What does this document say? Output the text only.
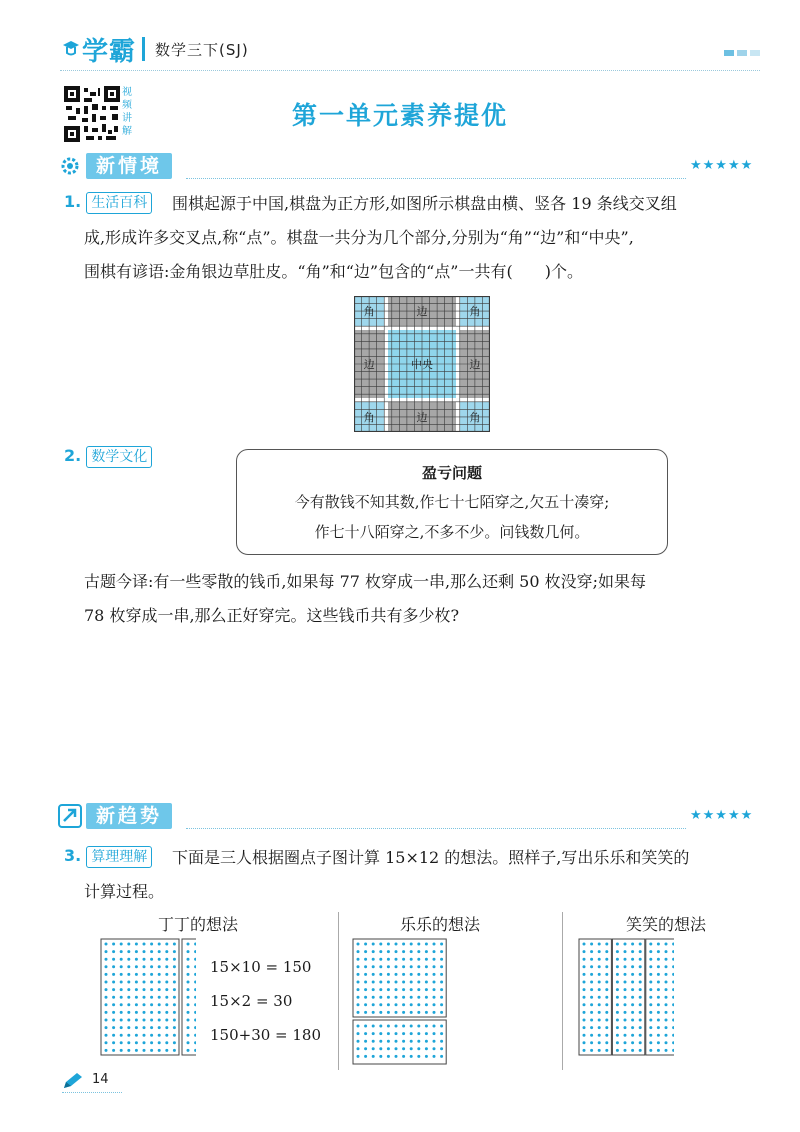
学霸 数学三下(SJ)
视频讲解
第一单元素养提优
新情境	★★★★★
1. 生活百科	围棋起源于中国,棋盘为正方形,如图所示棋盘由横、竖各 19 条线交叉组
成,形成许多交叉点,称“点”。棋盘一共分为几个部分,分别为“角”“边”和“中央”,
围棋有谚语:金角银边草肚皮。“角”和“边”包含的“点”一共有(　　)个。
角	角
角	角
边
边
边	边
中央
2. 数学文化
盈亏问题
今有散钱不知其数,作七十七陌穿之,欠五十凑穿;
作七十八陌穿之,不多不少。问钱数几何。
古题今译:有一些零散的钱币,如果每 77 枚穿成一串,那么还剩 50 枚没穿;如果每
78 枚穿成一串,那么正好穿完。这些钱币共有多少枚?
新趋势	★★★★★
3. 算理理解	下面是三人根据圈点子图计算 15×12 的想法。照样子,写出乐乐和笑笑的
计算过程。
丁丁的想法	乐乐的想法	笑笑的想法
15×10 = 150
15×2 = 30
150+30 = 180
14
